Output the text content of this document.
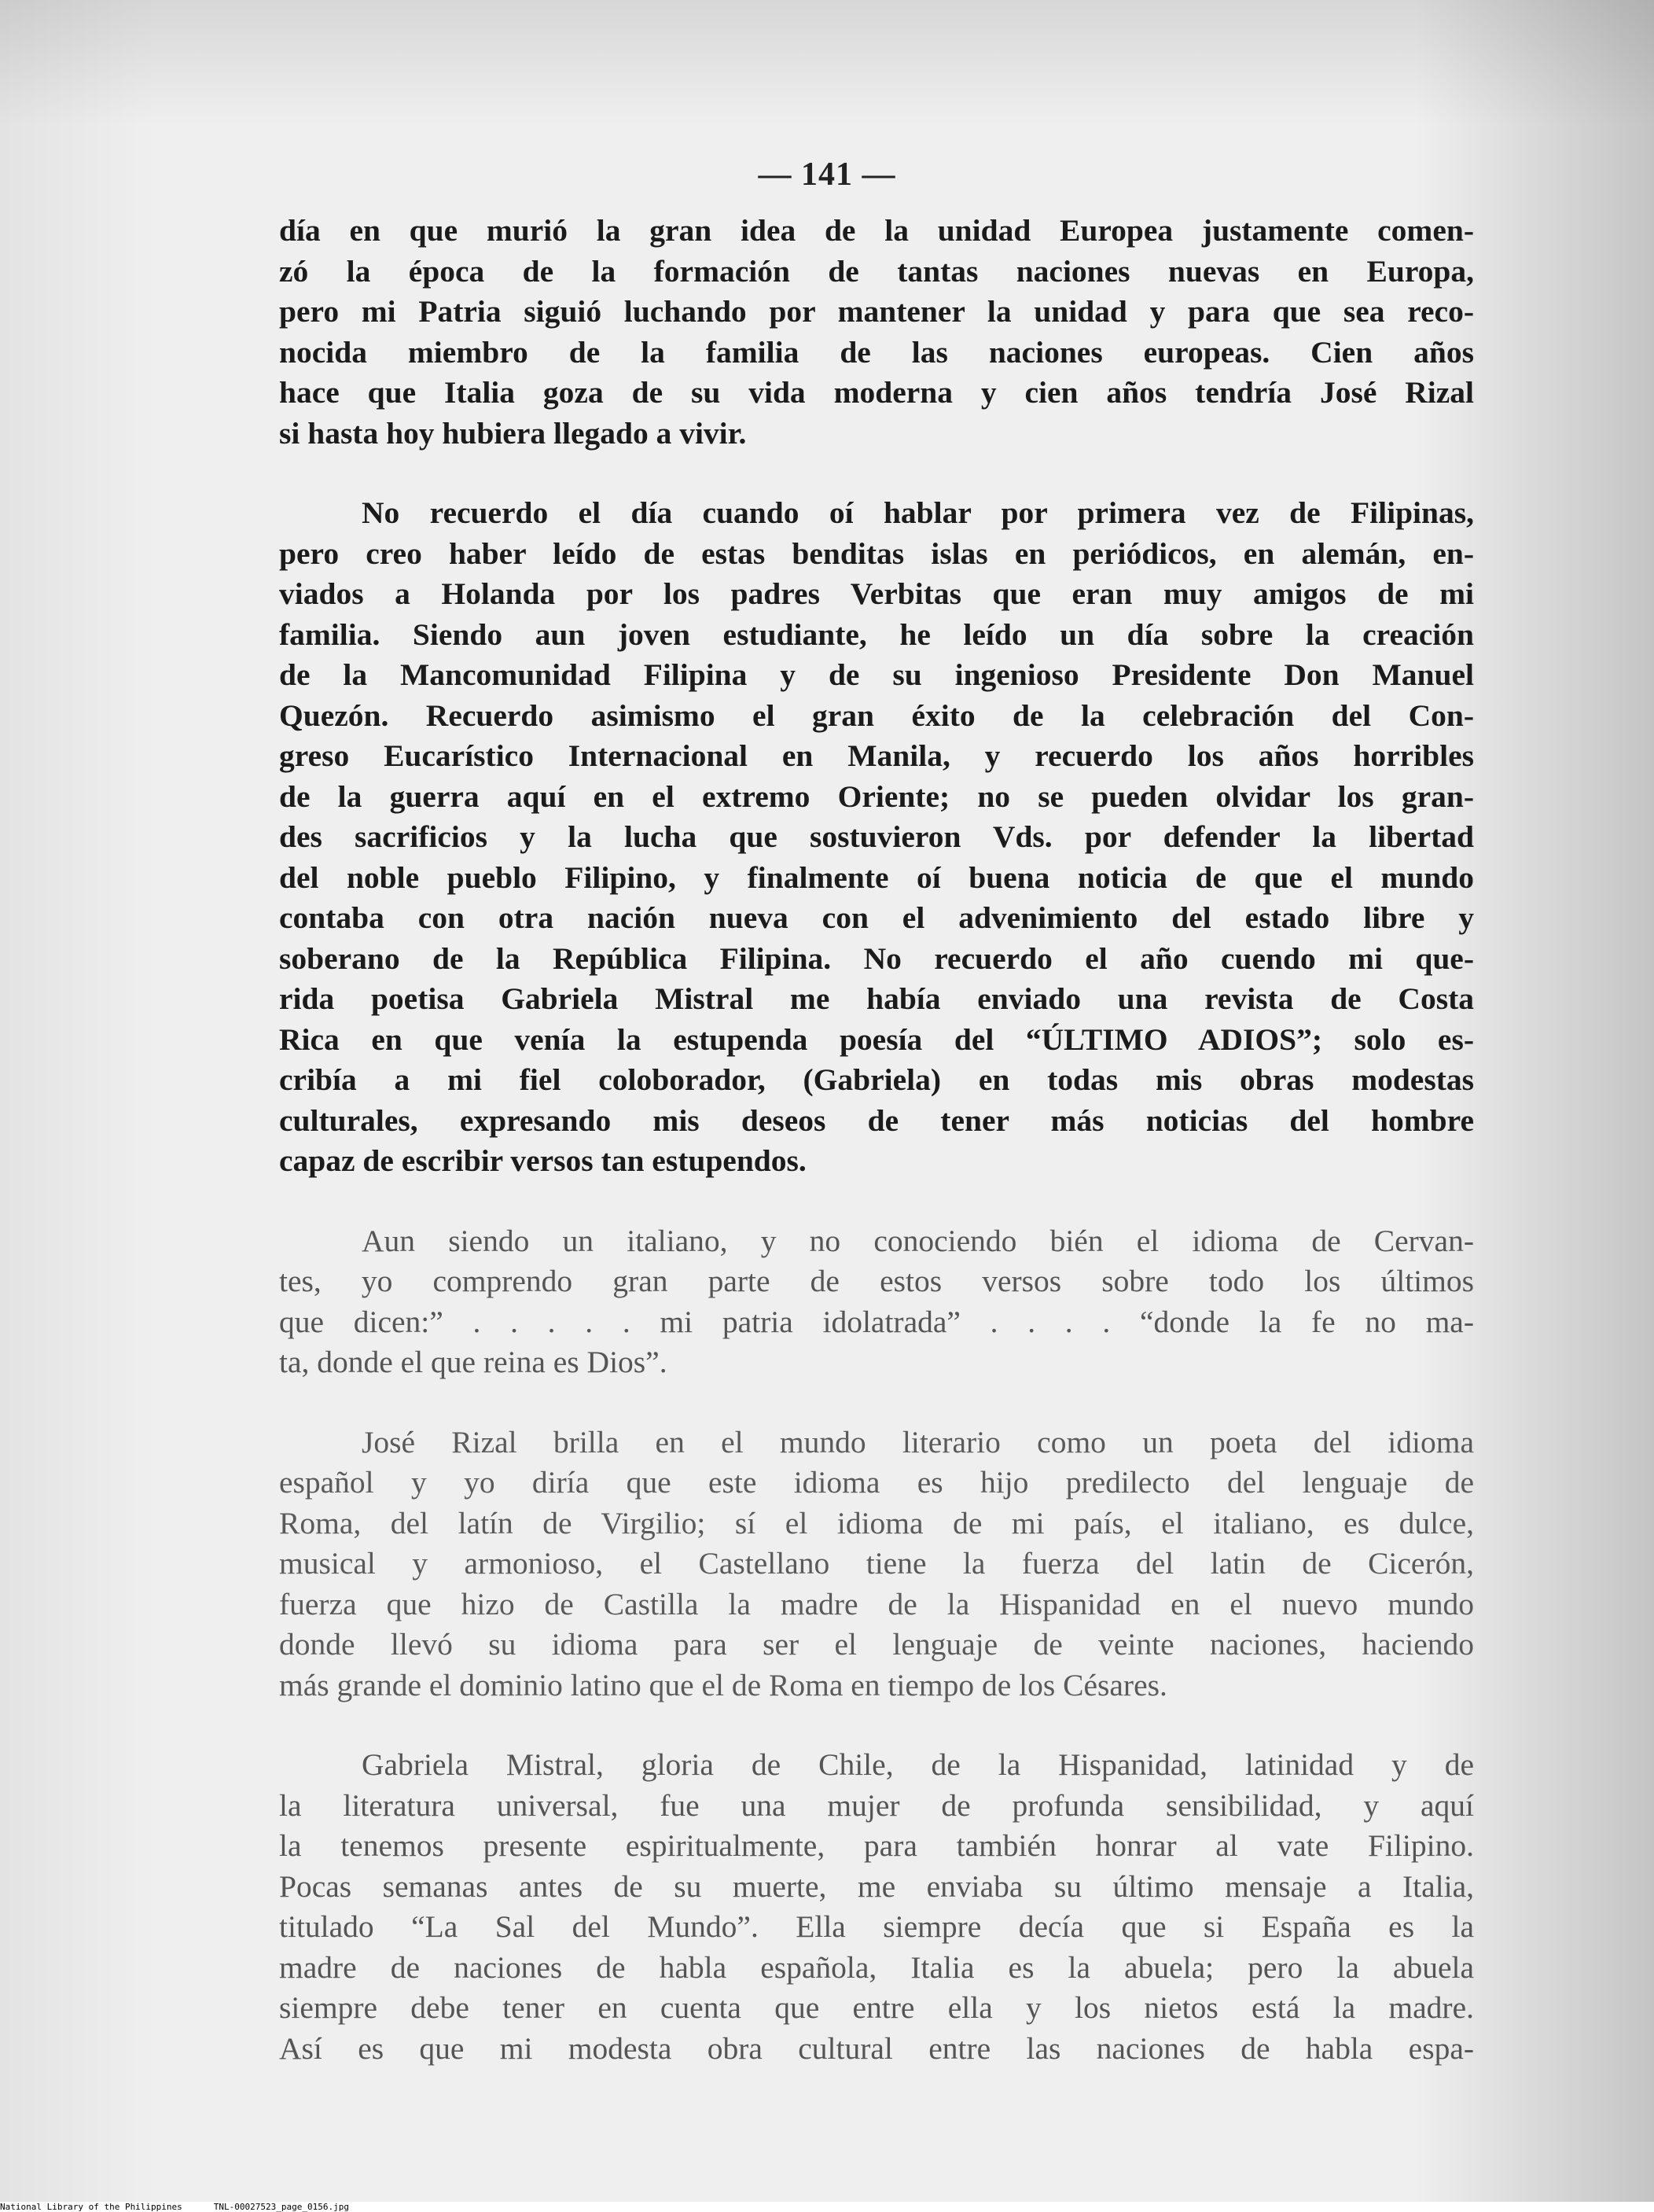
— 141 —
día en que murió la gran idea de la unidad Europea justamente comen-
zó la época de la formación de tantas naciones nuevas en Europa,
pero mi Patria siguió luchando por mantener la unidad y para que sea reco-
nocida miembro de la familia de las naciones europeas. Cien años
hace que Italia goza de su vida moderna y cien años tendría José Rizal
si hasta hoy hubiera llegado a vivir.
No recuerdo el día cuando oí hablar por primera vez de Filipinas,
pero creo haber leído de estas benditas islas en periódicos, en alemán, en-
viados a Holanda por los padres Verbitas que eran muy amigos de mi
familia. Siendo aun joven estudiante, he leído un día sobre la creación
de la Mancomunidad Filipina y de su ingenioso Presidente Don Manuel
Quezón. Recuerdo asimismo el gran éxito de la celebración del Con-
greso Eucarístico Internacional en Manila, y recuerdo los años horribles
de la guerra aquí en el extremo Oriente; no se pueden olvidar los gran-
des sacrificios y la lucha que sostuvieron Vds. por defender la libertad
del noble pueblo Filipino, y finalmente oí buena noticia de que el mundo
contaba con otra nación nueva con el advenimiento del estado libre y
soberano de la República Filipina. No recuerdo el año cuendo mi que-
rida poetisa Gabriela Mistral me había enviado una revista de Costa
Rica en que venía la estupenda poesía del “ÚLTIMO ADIOS”; solo es-
cribía a mi fiel coloborador, (Gabriela) en todas mis obras modestas
culturales, expresando mis deseos de tener más noticias del hombre
capaz de escribir versos tan estupendos.
Aun siendo un italiano, y no conociendo bién el idioma de Cervan-
tes, yo comprendo gran parte de estos versos sobre todo los últimos
que dicen:” . . . . . mi patria idolatrada” . . . . “donde la fe no ma-
ta, donde el que reina es Dios”.
José Rizal brilla en el mundo literario como un poeta del idioma
español y yo diría que este idioma es hijo predilecto del lenguaje de
Roma, del latín de Virgilio; sí el idioma de mi país, el italiano, es dulce,
musical y armonioso, el Castellano tiene la fuerza del latin de Cicerón,
fuerza que hizo de Castilla la madre de la Hispanidad en el nuevo mundo
donde llevó su idioma para ser el lenguaje de veinte naciones, haciendo
más grande el dominio latino que el de Roma en tiempo de los Césares.
Gabriela Mistral, gloria de Chile, de la Hispanidad, latinidad y de
la literatura universal, fue una mujer de profunda sensibilidad, y aquí
la tenemos presente espiritualmente, para también honrar al vate Filipino.
Pocas semanas antes de su muerte, me enviaba su último mensaje a Italia,
titulado “La Sal del Mundo”. Ella siempre decía que si España es la
madre de naciones de habla española, Italia es la abuela; pero la abuela
siempre debe tener en cuenta que entre ella y los nietos está la madre.
Así es que mi modesta obra cultural entre las naciones de habla espa-
National Library of the Philippines	TNL-00027523_page_0156.jpg
